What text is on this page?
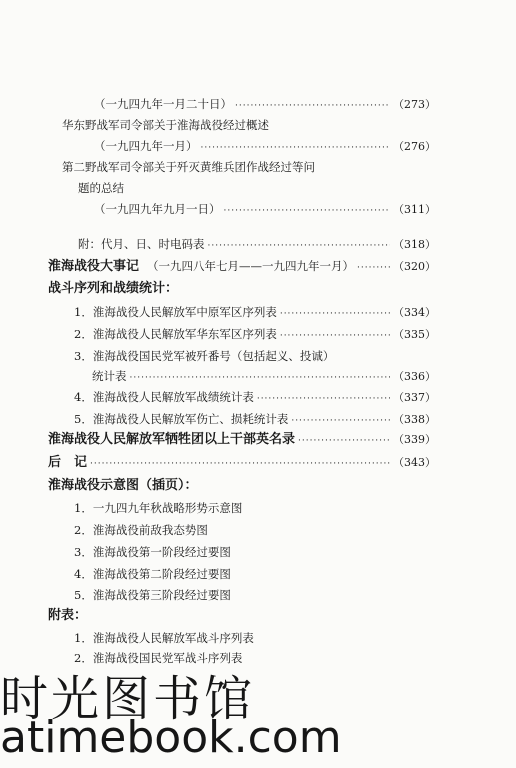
（一九四九年一月二十日） ·····	（273）
华东野战军司令部关于淮海战役经过概述
（一九四九年一月） ·····	（276）
第二野战军司令部关于歼灭黄维兵团作战经过等问
题的总结
（一九四九年九月一日） ·····	（311）
附：代月、日、时电码表 ·····	（318）
淮海战役大事记 （一九四八年七月——一九四九年一月） ·····	（320）
战斗序列和战绩统计：
1．淮海战役人民解放军中原军区序列表 ·····	（334）
2．淮海战役人民解放军华东军区序列表 ·····	（335）
3．淮海战役国民党军被歼番号（包括起义、投诚）
统计表 ·····	（336）
4．淮海战役人民解放军战绩统计表 ·····	（337）
5．淮海战役人民解放军伤亡、损耗统计表 ·····	（338）
淮海战役人民解放军牺牲团以上干部英名录 ·····	（339）
后　记 ·····	（343）
淮海战役示意图（插页）：
1．一九四九年秋战略形势示意图
2．淮海战役前敌我态势图
3．淮海战役第一阶段经过要图
4．淮海战役第二阶段经过要图
5．淮海战役第三阶段经过要图
附表：
1．淮海战役人民解放军战斗序列表
2．淮海战役国民党军战斗序列表
时光图书馆
atimebook.com
